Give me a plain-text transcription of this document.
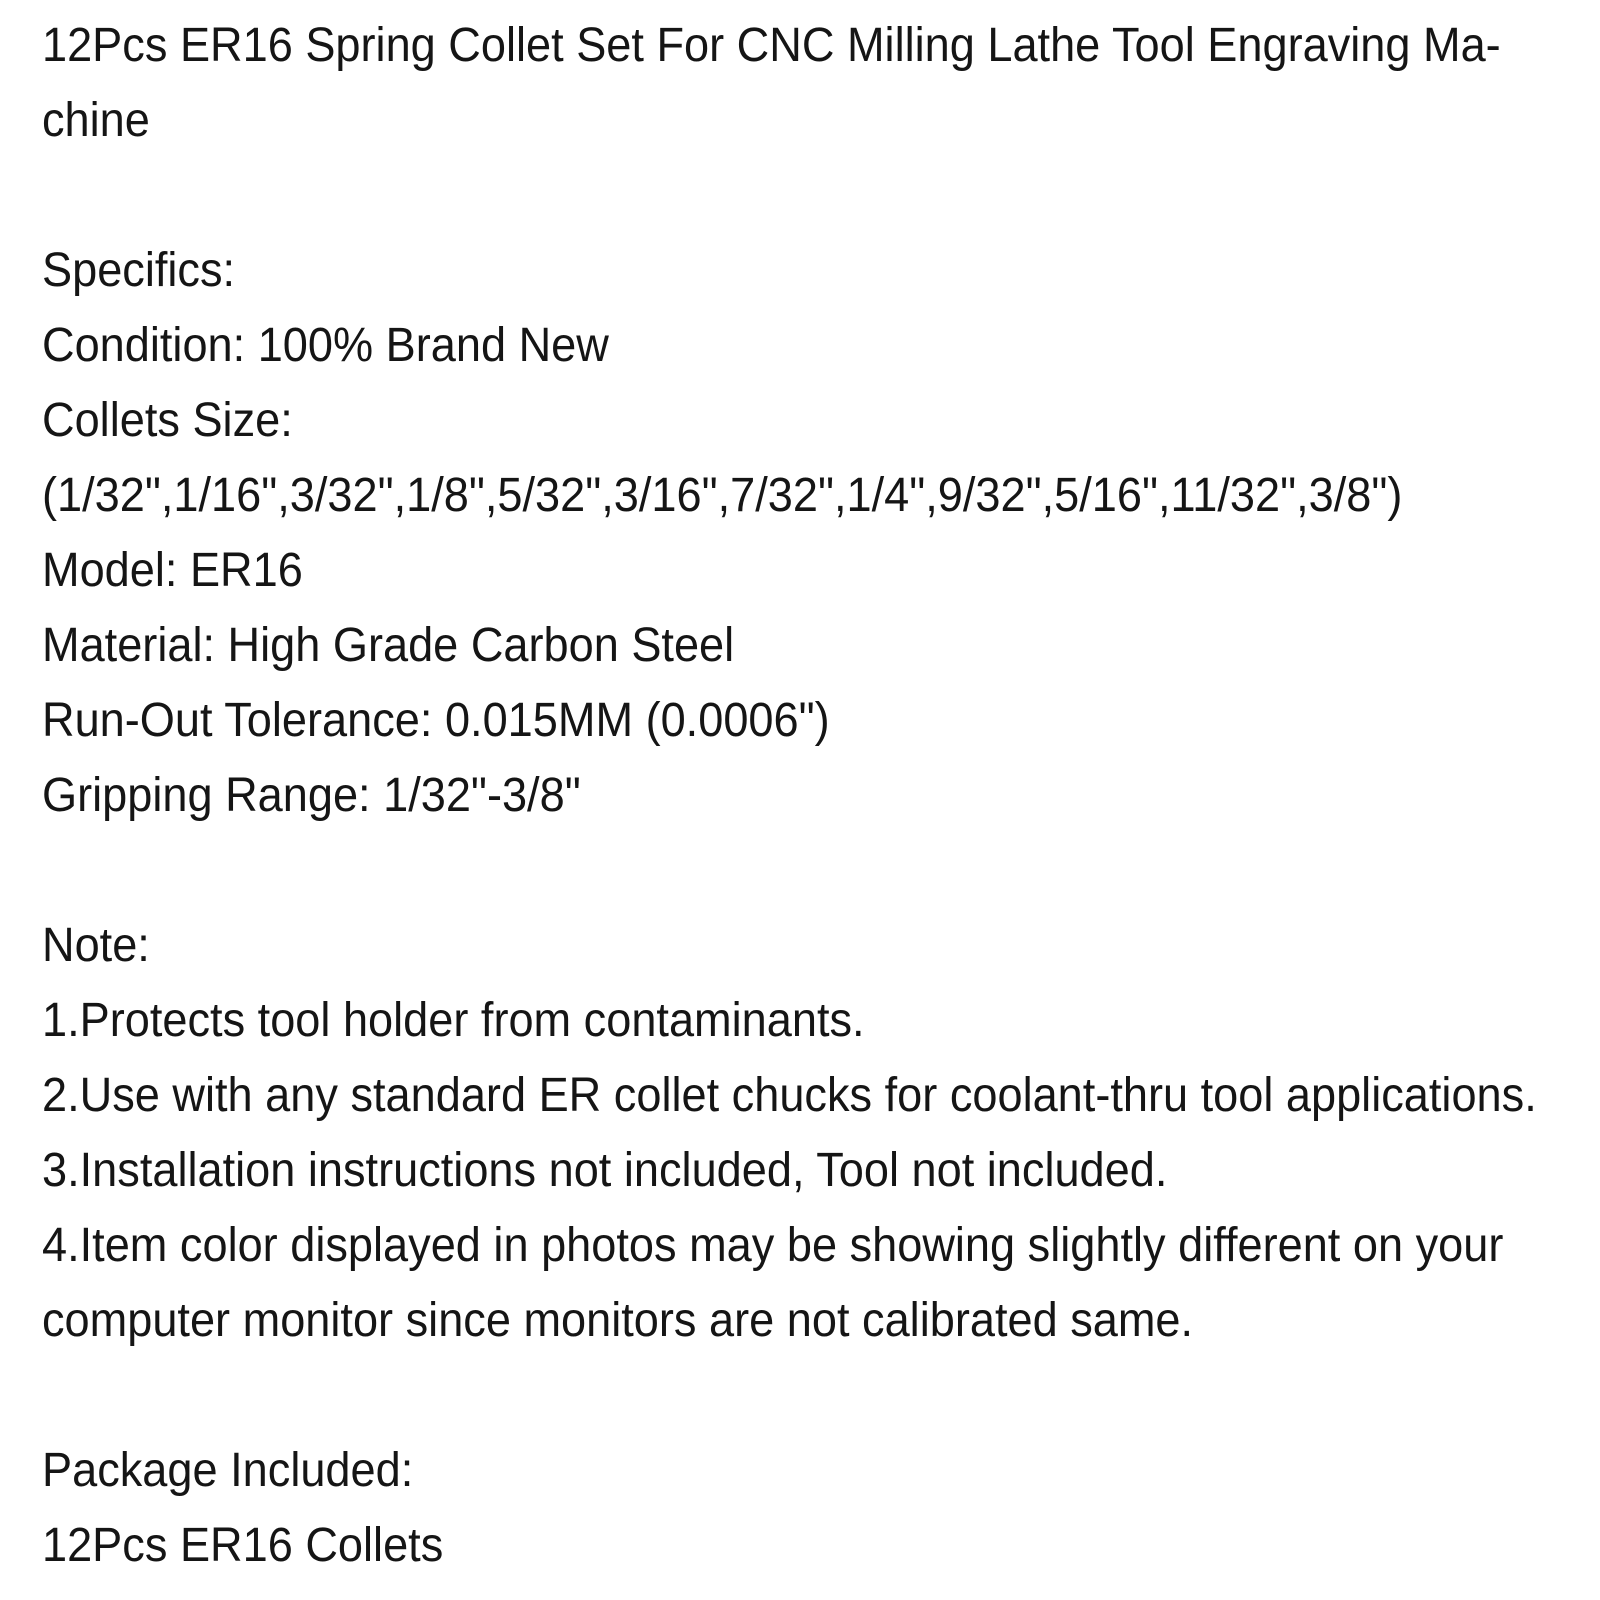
12Pcs ER16 Spring Collet Set For CNC Milling Lathe Tool Engraving Ma-
chine
Specifics:
Condition: 100% Brand New
Collets Size:
(1/32",1/16",3/32",1/8",5/32",3/16",7/32",1/4",9/32",5/16",11/32",3/8")
Model: ER16
Material: High Grade Carbon Steel
Run-Out Tolerance: 0.015MM (0.0006")
Gripping Range: 1/32"-3/8"
Note:
1.Protects tool holder from contaminants.
2.Use with any standard ER collet chucks for coolant-thru tool applications.
3.Installation instructions not included, Tool not included.
4.Item color displayed in photos may be showing slightly different on your
computer monitor since monitors are not calibrated same.
Package Included:
12Pcs ER16 Collets
